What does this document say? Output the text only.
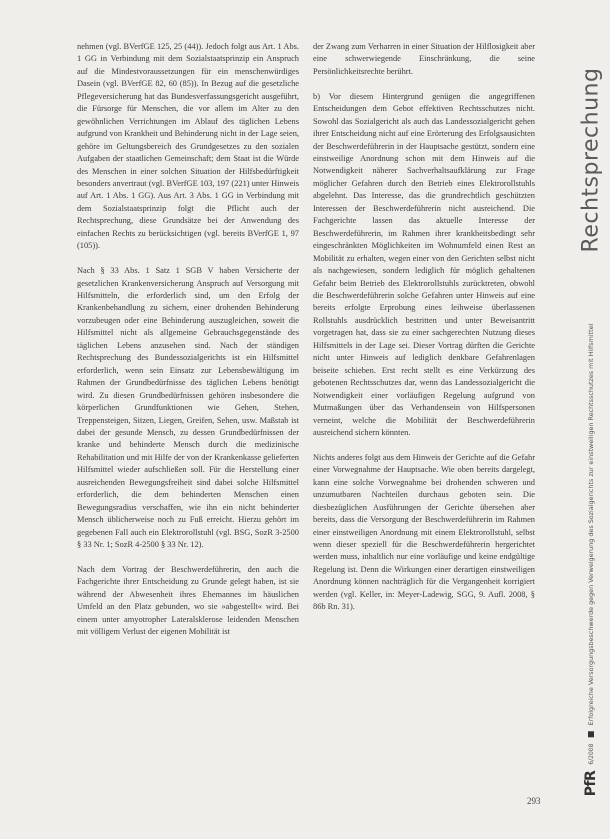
nehmen (vgl. BVerfGE 125, 25 (44)). Jedoch folgt aus Art. 1 Abs. 1 GG in Verbindung mit dem Sozialstaatsprinzip ein Anspruch auf die Mindestvoraussetzungen für ein menschenwürdiges Dasein (vgl. BVerfGE 82, 60 (85)). In Bezug auf die gesetzliche Pflegeversicherung hat das Bundesverfassungsgericht ausgeführt, die Fürsorge für Menschen, die vor allem im Alter zu den gewöhnlichen Verrichtungen im Ablauf des täglichen Lebens aufgrund von Krankheit und Behinderung nicht in der Lage seien, gehöre im Geltungsbereich des Grundgesetzes zu den sozialen Aufgaben der staatlichen Gemeinschaft; dem Staat ist die Würde des Menschen in einer solchen Situation der Hilfsbedürftigkeit besonders anvertraut (vgl. BVerfGE 103, 197 (221) unter Hinweis auf Art. 1 Abs. 1 GG). Aus Art. 3 Abs. 1 GG in Verbindung mit dem Sozialstaatsprinzip folgt die Pflicht auch der Rechtsprechung, diese Grundsätze bei der Anwendung des einfachen Rechts zu berücksichtigen (vgl. bereits BVerfGE 1, 97 (105)).

Nach § 33 Abs. 1 Satz 1 SGB V haben Versicherte der gesetzlichen Krankenversicherung Anspruch auf Versorgung mit Hilfsmitteln, die erforderlich sind, um den Erfolg der Krankenbehandlung zu sichern, einer drohenden Behinderung vorzubeugen oder eine Behinderung auszugleichen, soweit die Hilfsmittel nicht als allgemeine Gebrauchsgegenstände des täglichen Lebens anzusehen sind. Nach der ständigen Rechtsprechung des Bundessozialgerichts ist ein Hilfsmittel erforderlich, wenn sein Einsatz zur Lebensbewältigung im Rahmen der Grundbedürfnisse des täglichen Lebens benötigt wird. Zu diesen Grundbedürfnissen gehören insbesondere die körperlichen Grundfunktionen wie Gehen, Stehen, Treppensteigen, Sitzen, Liegen, Greifen, Sehen, usw. Maßstab ist dabei der gesunde Mensch, zu dessen Grundbedürfnissen der kranke und behinderte Mensch durch die medizinische Rehabilitation und mit Hilfe der von der Krankenkasse gelieferten Hilfsmittel wieder aufschließen soll. Für die Herstellung einer ausreichenden Bewegungsfreiheit sind dabei solche Hilfsmittel erforderlich, die dem behinderten Menschen einen Bewegungsradius verschaffen, wie ihn ein nicht behinderter Mensch üblicherweise noch zu Fuß erreicht. Hierzu gehört im gegebenen Fall auch ein Elektrorollstuhl (vgl. BSG, SozR 3-2500 § 33 Nr. 1; SozR 4-2500 § 33 Nr. 12).

Nach dem Vortrag der Beschwerdeführerin, den auch die Fachgerichte ihrer Entscheidung zu Grunde gelegt haben, ist sie während der Abwesenheit ihres Ehemannes im häuslichen Umfeld an den Platz gebunden, wo sie »abgestellt« wird. Bei einem unter amyotropher Lateralsklerose leidenden Menschen mit völligem Verlust der eigenen Mobilität ist

der Zwang zum Verharren in einer Situation der Hilflosigkeit aber eine schwerwiegende Einschränkung, die seine Persönlichkeitsrechte berührt.

b) Vor diesem Hintergrund genügen die angegriffenen Entscheidungen dem Gebot effektiven Rechtsschutzes nicht. Sowohl das Sozialgericht als auch das Landessozialgericht gehen ihrer Entscheidung nicht auf eine Erörterung des Erfolgsausichten der Beschwerdeführerin in der Hauptsache gestützt, sondern eine einstweilige Anordnung schon mit dem Hinweis auf die Notwendigkeit näherer Sachverhaltsaufklärung zur Frage möglicher Gefahren durch den Betrieb eines Elektrorollstuhls abgelehnt. Das Interesse, das die grundrechtlich geschützten Interessen der Beschwerdeführerin nicht ausreichend. Die Fachgerichte lassen das aktuelle Interesse der Beschwerdeführerin, im Rahmen ihrer krankheitsbedingt sehr eingeschränkten Möglichkeiten im Wohnumfeld einen Rest an Mobilität zu erhalten, wegen einer von den Gerichten selbst nicht als nachgewiesen, sondern lediglich für möglich gehaltenen Gefahr beim Betrieb des Elektrorollstuhls zurücktreten, obwohl die Beschwerdeführerin solche Gefahren unter Hinweis auf eine bereits erfolgte Erprobung eines leihweise überlassenen Rollstuhls ausdrücklich bestritten und unter Beweisantritt vorgetragen hat, dass sie zu einer sachgerechten Nutzung dieses Hilfsmittels in der Lage sei. Dieser Vortrag dürften die Gerichte nicht unter Hinweis auf lediglich denkbare Gefahrenlagen beiseite schieben. Erst recht stellt es eine Verkürzung des gebotenen Rechtsschutzes dar, wenn das Landessozialgericht die Notwendigkeit einer vorläufigen Regelung aufgrund von Mutmaßungen über das Verhandensein von Hilfspersonen verneint, welche die Mobilität der Beschwerdeführerin ausreichend sichern könnten.

Nichts anderes folgt aus dem Hinweis der Gerichte auf die Gefahr einer Vorwegnahme der Hauptsache. Wie oben bereits dargelegt, kann eine solche Vorwegnahme bei drohenden schweren und unzumutbaren Nachteilen durchaus geboten sein. Die diesbezüglichen Ausführungen der Gerichte übersehen aber bereits, dass die Versorgung der Beschwerdeführerin im Rahmen einer einstweiligen Anordnung mit einem Elektrorollstuhl, selbst wenn dieser speziell für die Beschwerdeführerin hergerichtet werden muss, inhaltlich nur eine vorläufige und keine endgültige Regelung ist. Denn die Wirkungen einer derartigen einstweiligen Anordnung können nachträglich für die Vergangenheit korrigiert werden (vgl. Keller, in: Meyer-Ladewig, SGG, 9. Aufl. 2008, § 86b Rn. 31).

Rechtsprechung
PfR
6/2008
Erfolgreiche Versorgungsbeschwerde gegen Verweigerung des Sozialgerichts zur einstweiligen Rechtsschutzes mit Hilfsmittel
293
